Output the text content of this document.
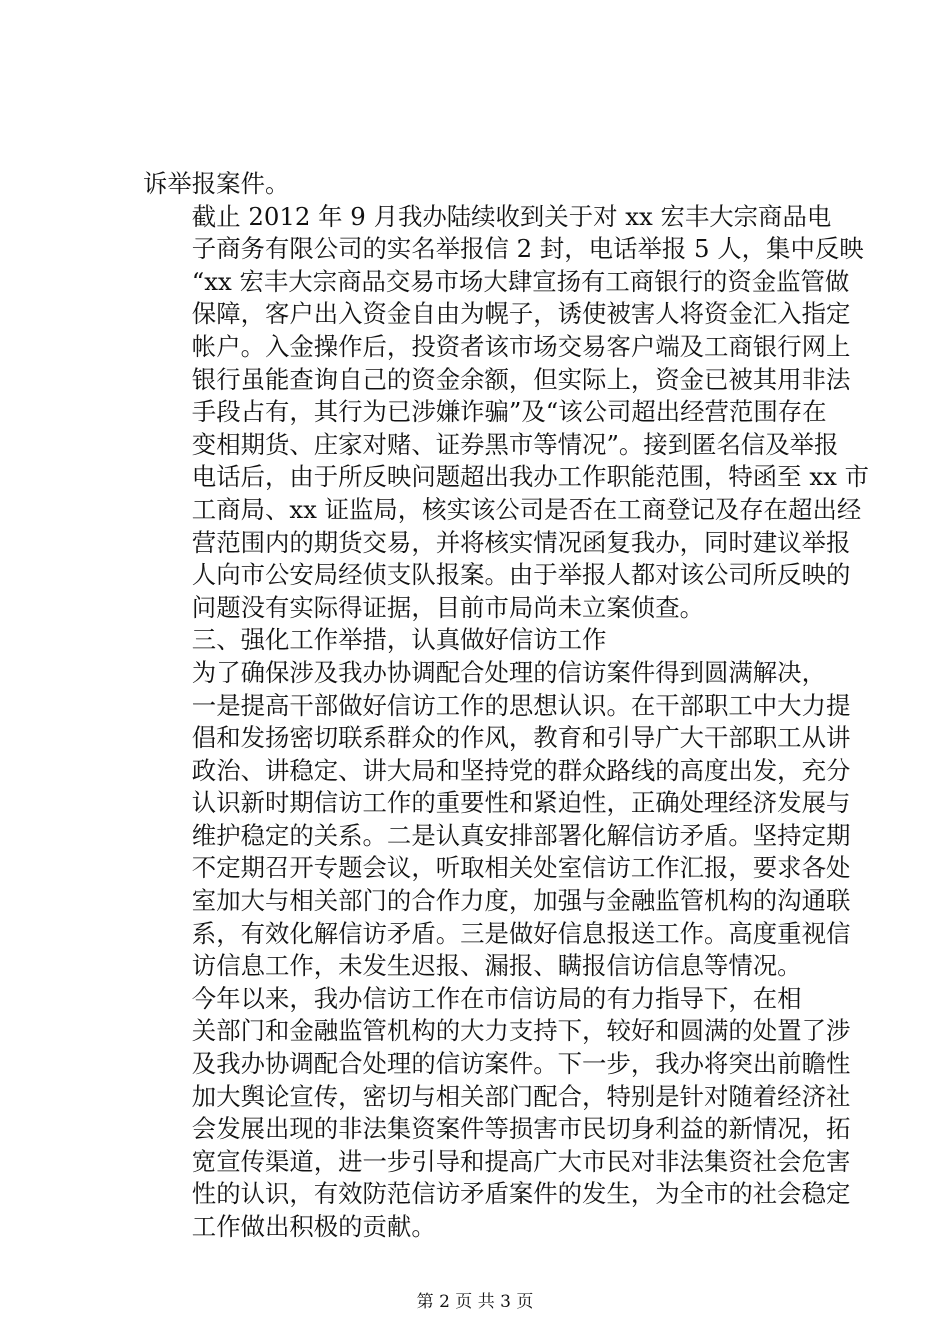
诉举报案件。
截止 2012 年 9 月我办陆续收到关于对 xx 宏丰大宗商品电
子商务有限公司的实名举报信 2 封，电话举报 5 人，集中反映
“xx 宏丰大宗商品交易市场大肆宣扬有工商银行的资金监管做
保障，客户出入资金自由为幌子，诱使被害人将资金汇入指定
帐户。入金操作后，投资者该市场交易客户端及工商银行网上
银行虽能查询自己的资金余额，但实际上，资金已被其用非法
手段占有，其行为已涉嫌诈骗”及“该公司超出经营范围存在
变相期货、庄家对赌、证券黑市等情况”。接到匿名信及举报
电话后，由于所反映问题超出我办工作职能范围，特函至 xx 市
工商局、xx 证监局，核实该公司是否在工商登记及存在超出经
营范围内的期货交易，并将核实情况函复我办，同时建议举报
人向市公安局经侦支队报案。由于举报人都对该公司所反映的
问题没有实际得证据，目前市局尚未立案侦查。
三、强化工作举措，认真做好信访工作
为了确保涉及我办协调配合处理的信访案件得到圆满解决，
一是提高干部做好信访工作的思想认识。在干部职工中大力提
倡和发扬密切联系群众的作风，教育和引导广大干部职工从讲
政治、讲稳定、讲大局和坚持党的群众路线的高度出发，充分
认识新时期信访工作的重要性和紧迫性，正确处理经济发展与
维护稳定的关系。二是认真安排部署化解信访矛盾。坚持定期
不定期召开专题会议，听取相关处室信访工作汇报，要求各处
室加大与相关部门的合作力度，加强与金融监管机构的沟通联
系，有效化解信访矛盾。三是做好信息报送工作。高度重视信
访信息工作，未发生迟报、漏报、瞒报信访信息等情况。
今年以来，我办信访工作在市信访局的有力指导下，在相
关部门和金融监管机构的大力支持下，较好和圆满的处置了涉
及我办协调配合处理的信访案件。下一步，我办将突出前瞻性
加大舆论宣传，密切与相关部门配合，特别是针对随着经济社
会发展出现的非法集资案件等损害市民切身利益的新情况，拓
宽宣传渠道，进一步引导和提高广大市民对非法集资社会危害
性的认识，有效防范信访矛盾案件的发生，为全市的社会稳定
工作做出积极的贡献。
第 2 页 共 3 页
